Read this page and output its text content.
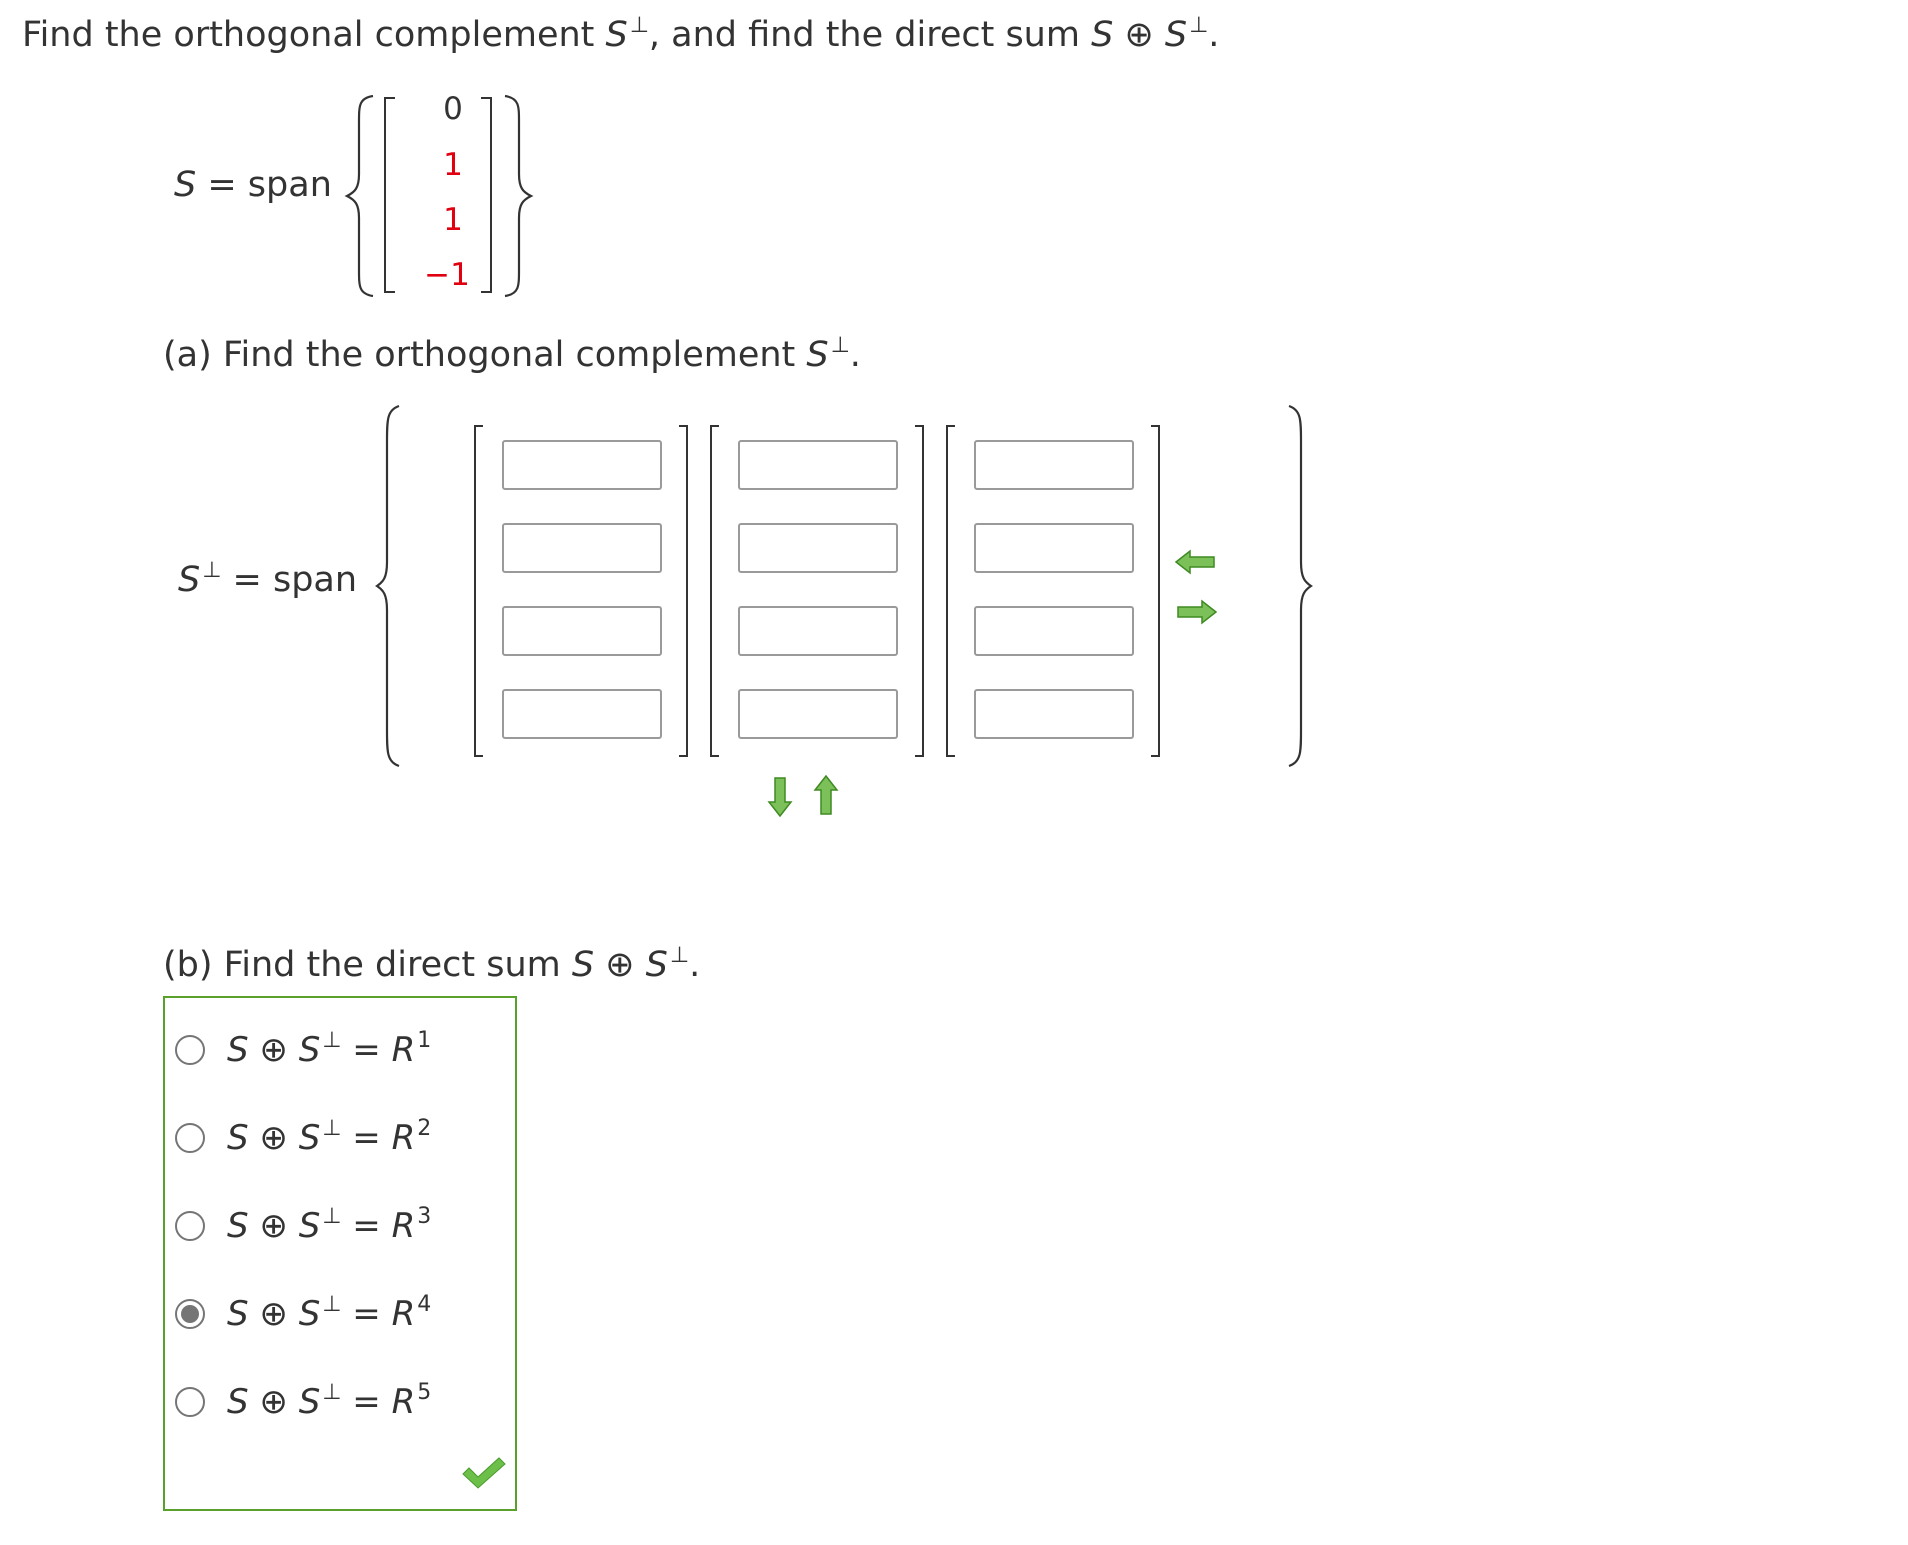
Find the orthogonal complement S⊥, and find the direct sum S ⊕ S⊥.
S = span
0
1
1
−1
(a) Find the orthogonal complement S⊥.
S⊥ = span
(b) Find the direct sum S ⊕ S⊥.
S ⊕ $S^\perp = R^1$
S ⊕ $S^\perp = R^2$
S ⊕ $S^\perp = R^3$
S ⊕ $S^\perp = R^4$
S ⊕ $S^\perp = R^5$
